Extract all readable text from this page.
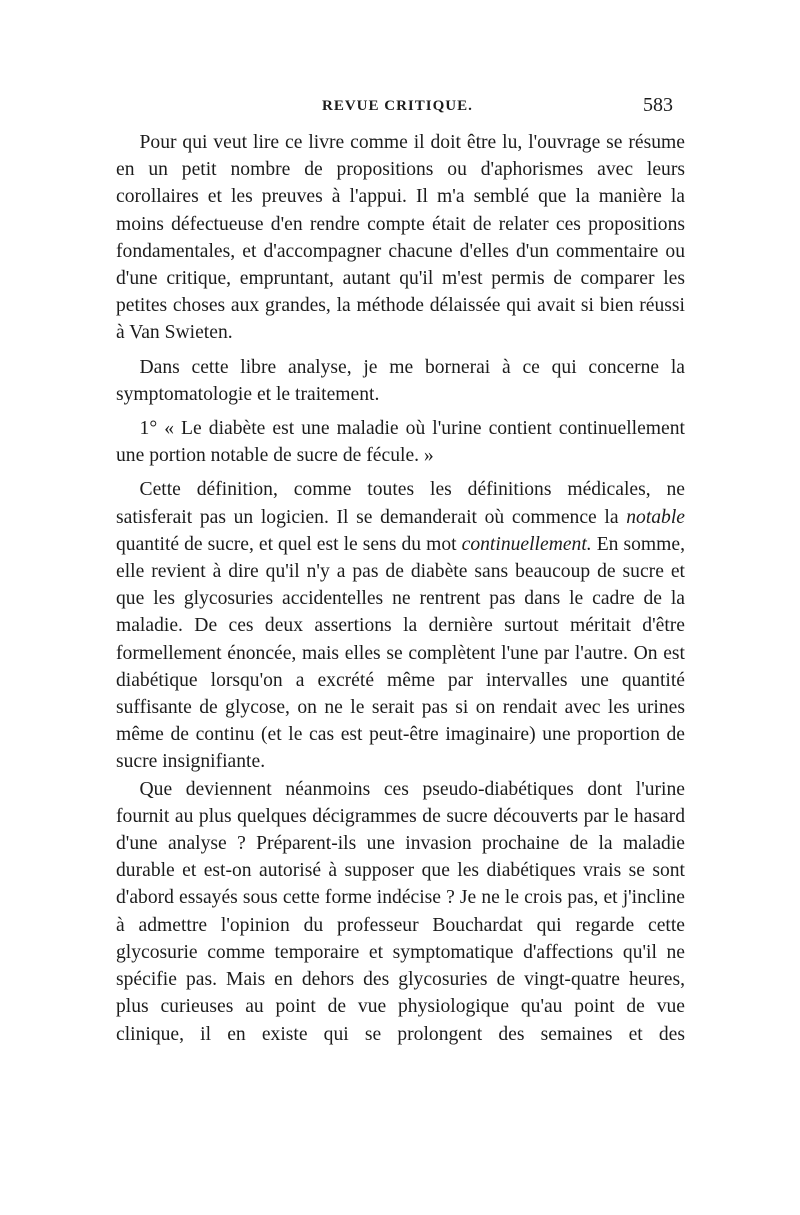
REVUE CRITIQUE.	583

Pour qui veut lire ce livre comme il doit être lu, l'ouvrage se résume en un petit nombre de propositions ou d'aphorismes avec leurs corollaires et les preuves à l'appui. Il m'a semblé que la manière la moins défectueuse d'en rendre compte était de relater ces propositions fondamentales, et d'accompagner chacune d'elles d'un commentaire ou d'une critique, empruntant, autant qu'il m'est permis de comparer les petites choses aux grandes, la méthode délaissée qui avait si bien réussi à Van Swieten.

Dans cette libre analyse, je me bornerai à ce qui concerne la symptomatologie et le traitement.

1° « Le diabète est une maladie où l'urine contient continuellement une portion notable de sucre de fécule. »

Cette définition, comme toutes les définitions médicales, ne satisferait pas un logicien. Il se demanderait où commence la notable quantité de sucre, et quel est le sens du mot continuellement. En somme, elle revient à dire qu'il n'y a pas de diabète sans beaucoup de sucre et que les glycosuries accidentelles ne rentrent pas dans le cadre de la maladie. De ces deux assertions la dernière surtout méritait d'être formellement énoncée, mais elles se complètent l'une par l'autre. On est diabétique lorsqu'on a excrété même par intervalles une quantité suffisante de glycose, on ne le serait pas si on rendait avec les urines même de continu (et le cas est peut-être imaginaire) une proportion de sucre insignifiante.

Que deviennent néanmoins ces pseudo-diabétiques dont l'urine fournit au plus quelques décigrammes de sucre découverts par le hasard d'une analyse ? Préparent-ils une invasion prochaine de la maladie durable et est-on autorisé à supposer que les diabétiques vrais se sont d'abord essayés sous cette forme indécise ? Je ne le crois pas, et j'incline à admettre l'opinion du professeur Bouchardat qui regarde cette glycosurie comme temporaire et symptomatique d'affections qu'il ne spécifie pas. Mais en dehors des glycosuries de vingt-quatre heures, plus curieuses au point de vue physiologique qu'au point de vue clinique, il en existe qui se prolongent des semaines et des
